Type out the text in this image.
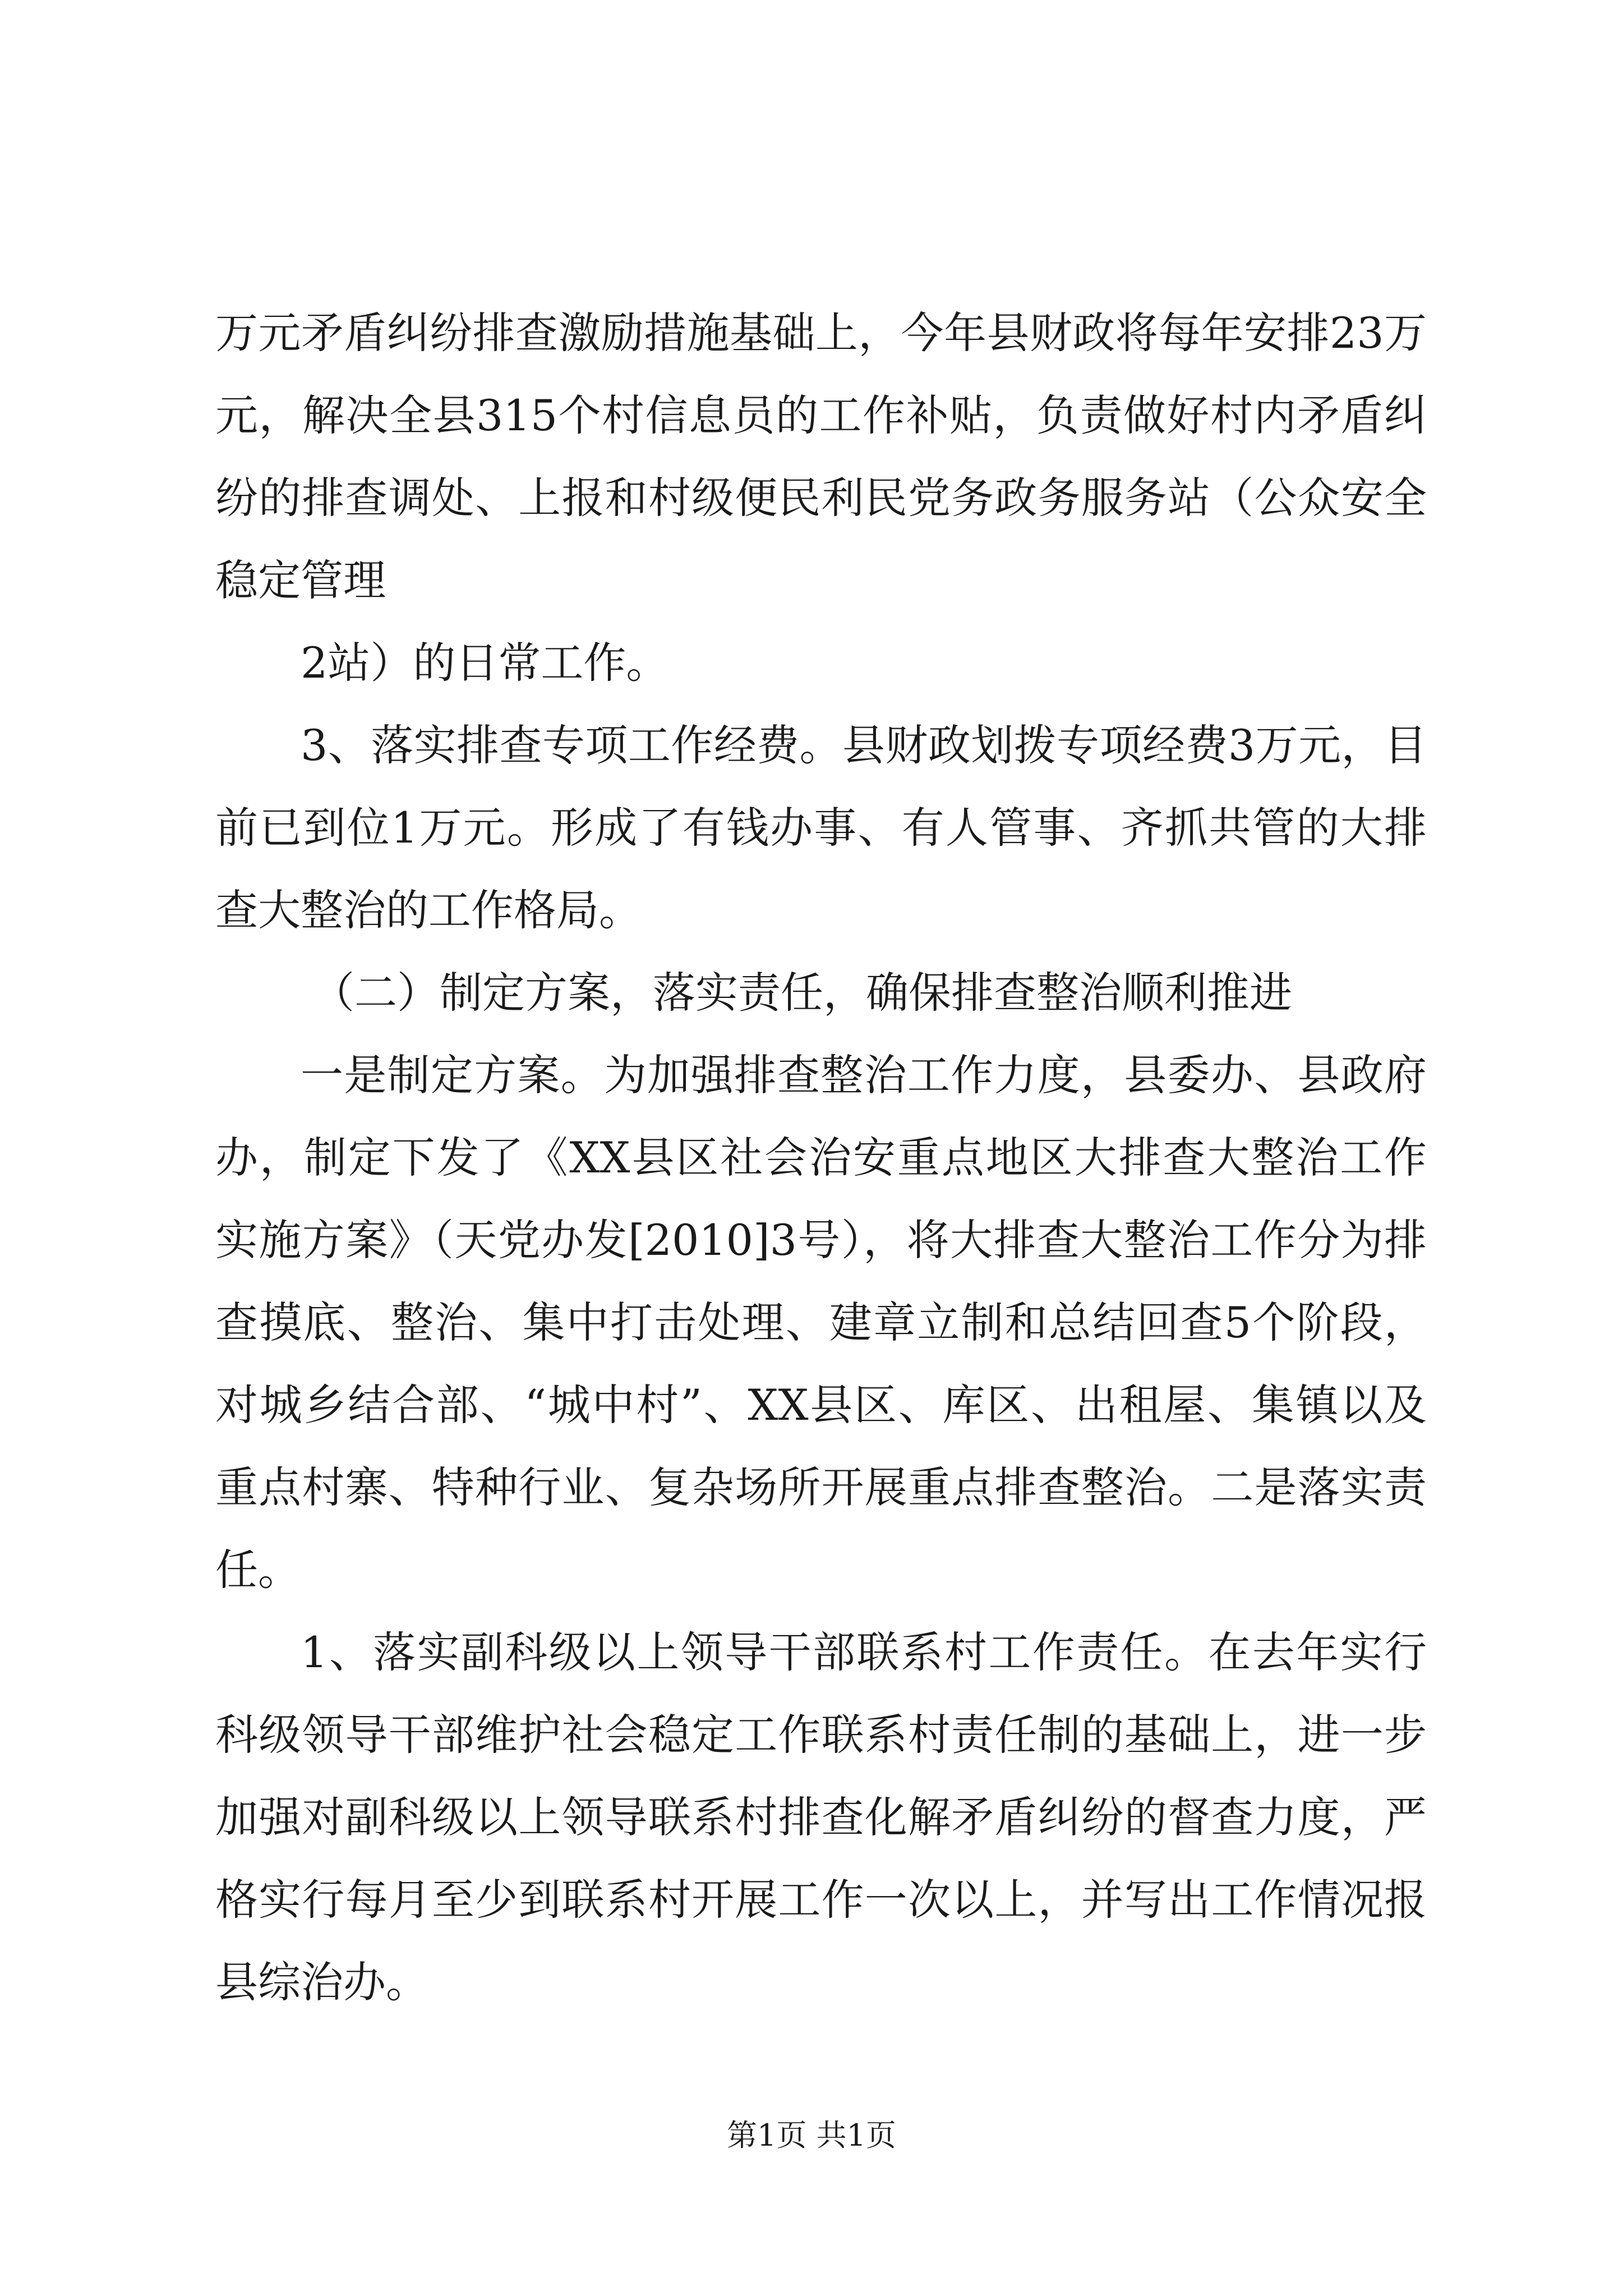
万元矛盾纠纷排查激励措施基础上，今年县财政将每年安排23万元，解决全县315个村信息员的工作补贴，负责做好村内矛盾纠纷的排查调处、上报和村级便民利民党务政务服务站（公众安全稳定管理

2站）的日常工作。

3、落实排查专项工作经费。县财政划拨专项经费3万元，目前已到位1万元。形成了有钱办事、有人管事、齐抓共管的大排查大整治的工作格局。

（二）制定方案，落实责任，确保排查整治顺利推进

一是制定方案。为加强排查整治工作力度，县委办、县政府办，制定下发了《XX县区社会治安重点地区大排查大整治工作实施方案》（天党办发[2010]3号），将大排查大整治工作分为排查摸底、整治、集中打击处理、建章立制和总结回查5个阶段，对城乡结合部、“城中村”、XX县区、库区、出租屋、集镇以及重点村寨、特种行业、复杂场所开展重点排查整治。二是落实责任。

1、落实副科级以上领导干部联系村工作责任。在去年实行科级领导干部维护社会稳定工作联系村责任制的基础上，进一步加强对副科级以上领导联系村排查化解矛盾纠纷的督查力度，严格实行每月至少到联系村开展工作一次以上，并写出工作情况报县综治办。

第1页 共1页
